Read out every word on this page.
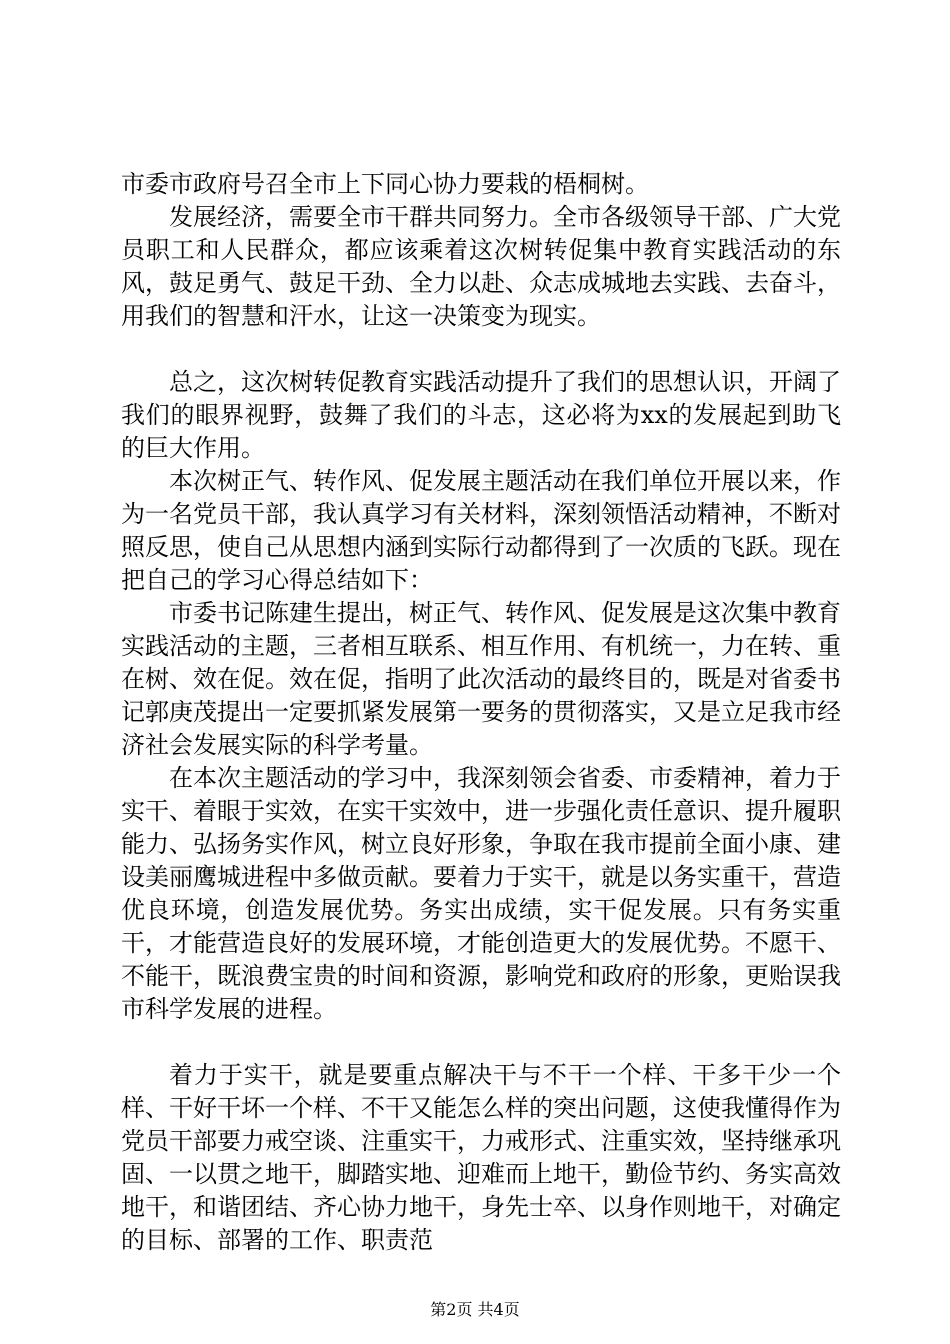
市委市政府号召全市上下同心协力要栽的梧桐树。

发展经济，需要全市干群共同努力。全市各级领导干部、广大党员职工和人民群众，都应该乘着这次树转促集中教育实践活动的东风，鼓足勇气、鼓足干劲、全力以赴、众志成城地去实践、去奋斗，用我们的智慧和汗水，让这一决策变为现实。

总之，这次树转促教育实践活动提升了我们的思想认识，开阔了我们的眼界视野，鼓舞了我们的斗志，这必将为xx的发展起到助飞的巨大作用。

本次树正气、转作风、促发展主题活动在我们单位开展以来，作为一名党员干部，我认真学习有关材料，深刻领悟活动精神，不断对照反思，使自己从思想内涵到实际行动都得到了一次质的飞跃。现在把自己的学习心得总结如下：

市委书记陈建生提出，树正气、转作风、促发展是这次集中教育实践活动的主题，三者相互联系、相互作用、有机统一，力在转、重在树、效在促。效在促，指明了此次活动的最终目的，既是对省委书记郭庚茂提出一定要抓紧发展第一要务的贯彻落实，又是立足我市经济社会发展实际的科学考量。

在本次主题活动的学习中，我深刻领会省委、市委精神，着力于实干、着眼于实效，在实干实效中，进一步强化责任意识、提升履职能力、弘扬务实作风，树立良好形象，争取在我市提前全面小康、建设美丽鹰城进程中多做贡献。要着力于实干，就是以务实重干，营造优良环境，创造发展优势。务实出成绩，实干促发展。只有务实重干，才能营造良好的发展环境，才能创造更大的发展优势。不愿干、不能干，既浪费宝贵的时间和资源，影响党和政府的形象，更贻误我市科学发展的进程。

着力于实干，就是要重点解决干与不干一个样、干多干少一个样、干好干坏一个样、不干又能怎么样的突出问题，这使我懂得作为党员干部要力戒空谈、注重实干，力戒形式、注重实效，坚持继承巩固、一以贯之地干，脚踏实地、迎难而上地干，勤俭节约、务实高效地干，和谐团结、齐心协力地干，身先士卒、以身作则地干，对确定的目标、部署的工作、职责范

第2页 共4页
